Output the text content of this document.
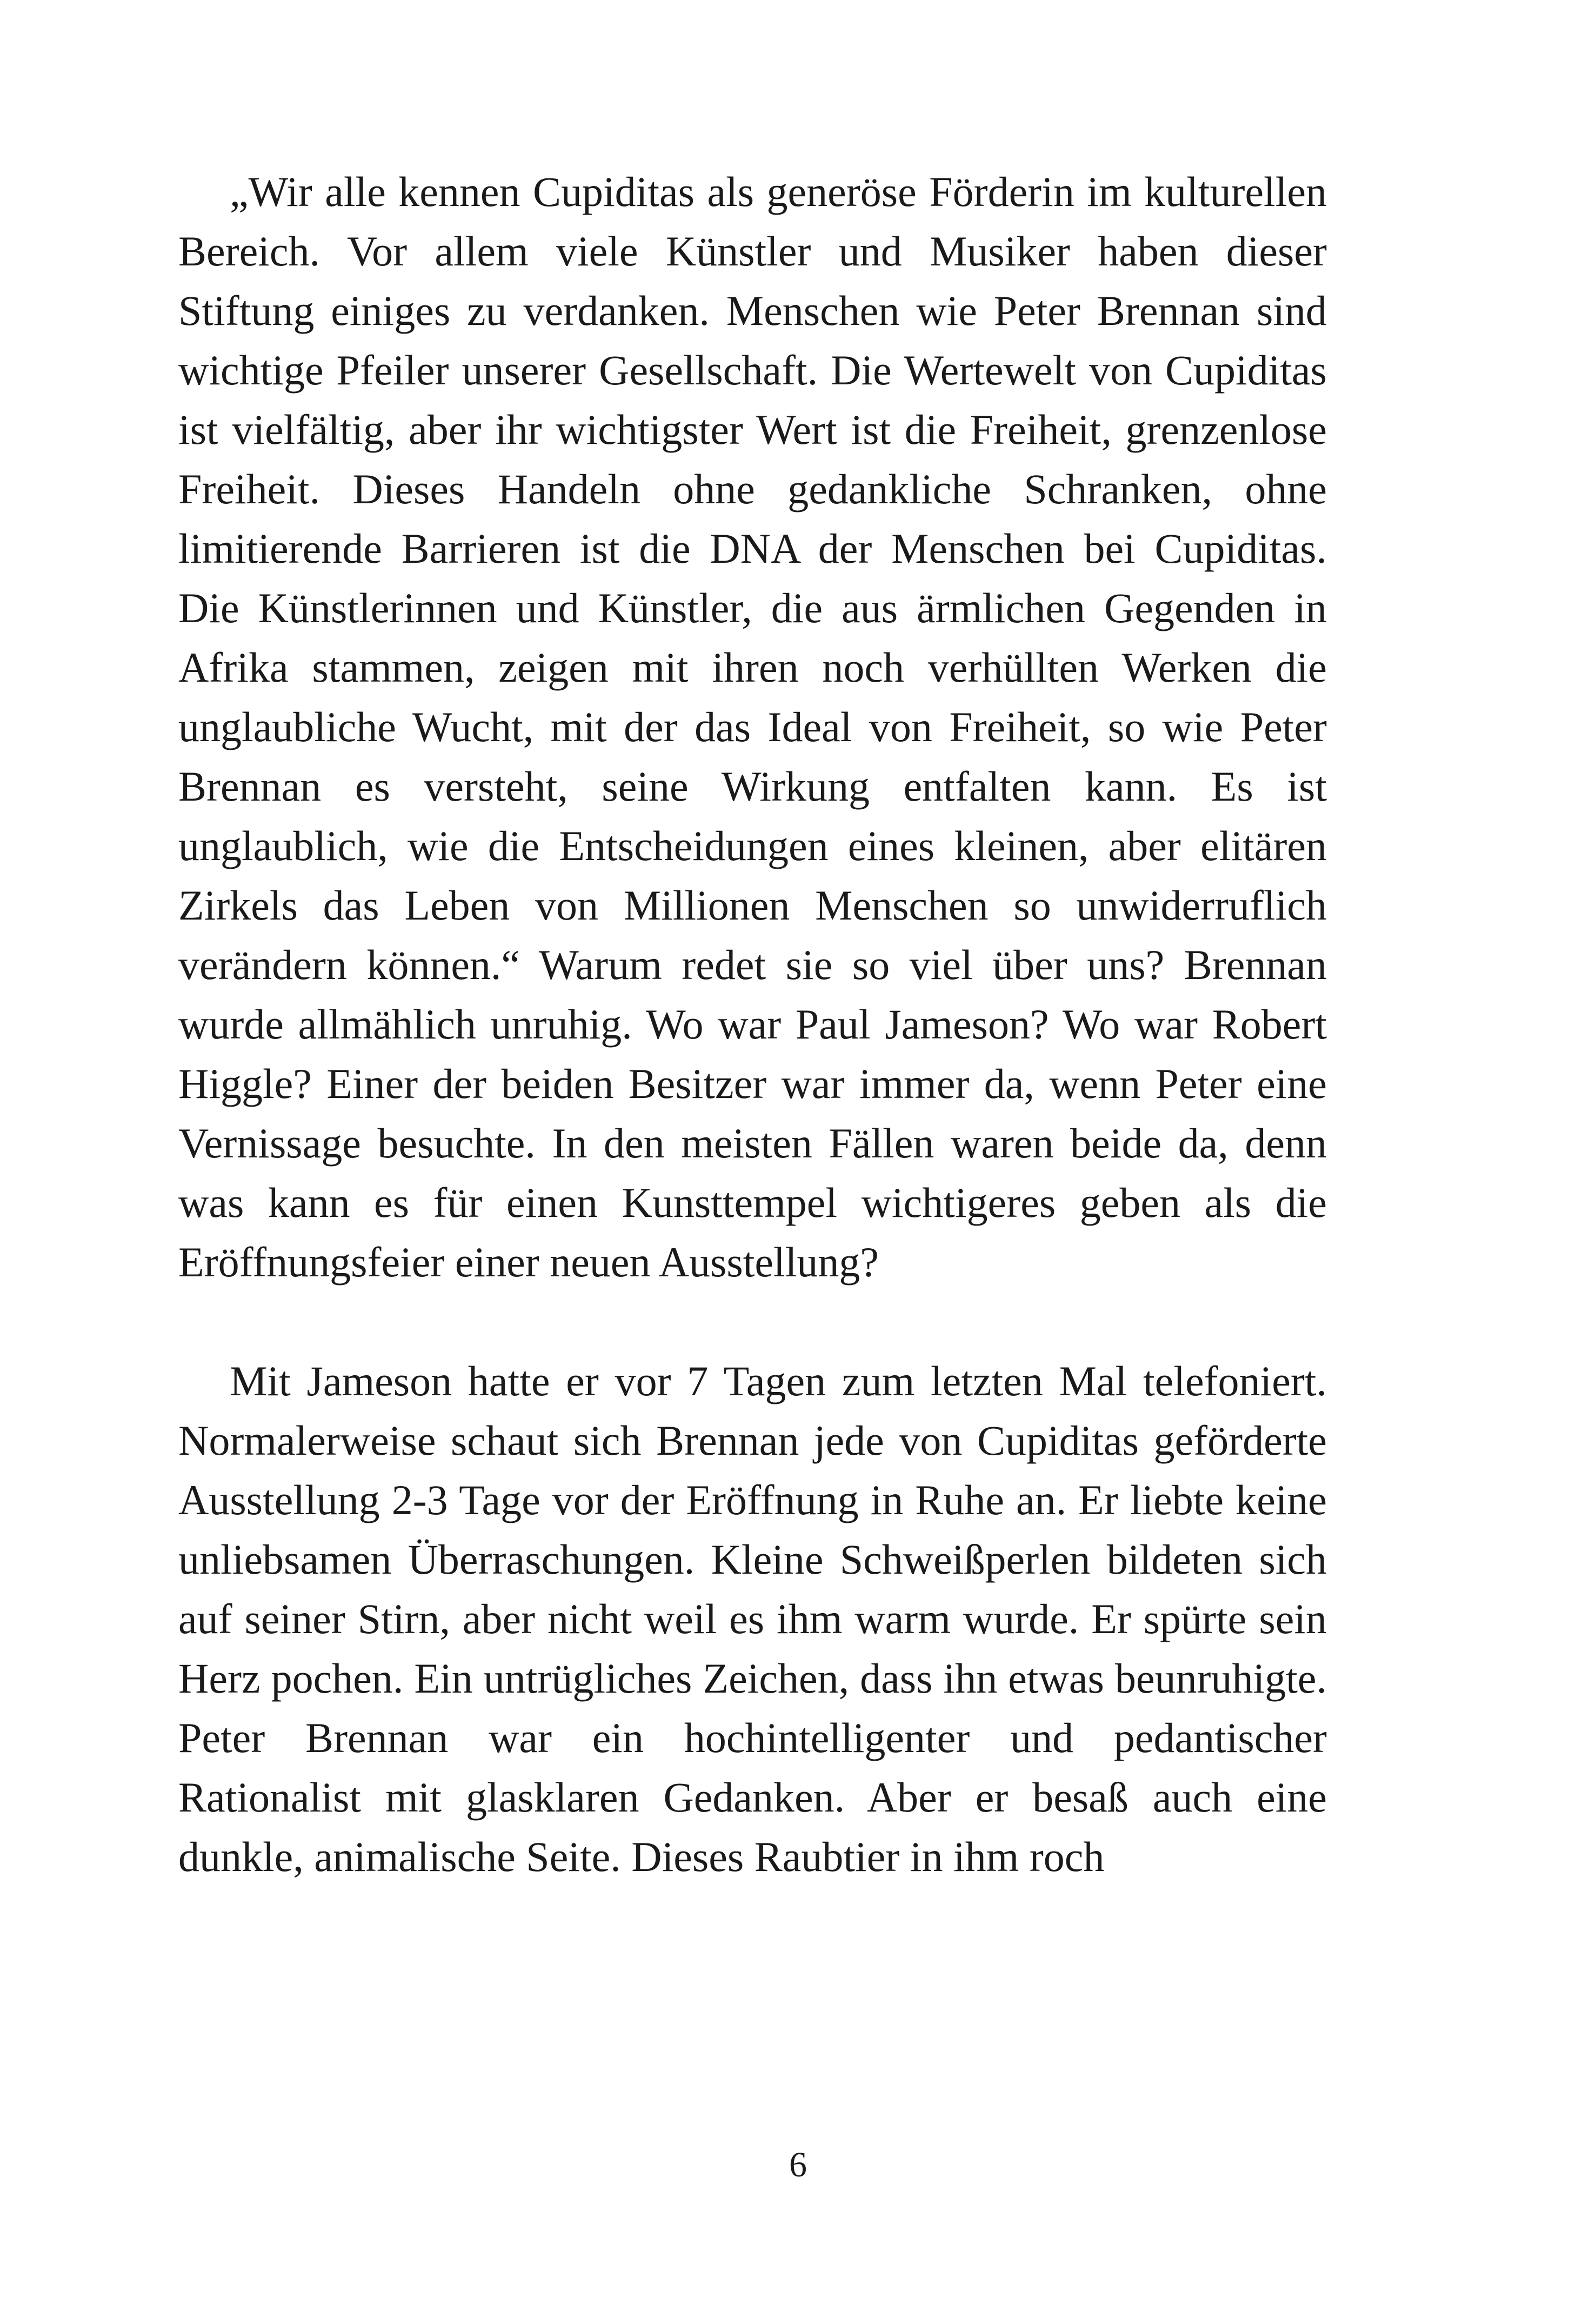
„Wir alle kennen Cupiditas als generöse Förderin im kulturellen Bereich. Vor allem viele Künstler und Musiker haben dieser Stiftung einiges zu verdanken. Menschen wie Peter Brennan sind wichtige Pfeiler unserer Gesellschaft. Die Wertewelt von Cupiditas ist vielfältig, aber ihr wichtigster Wert ist die Freiheit, grenzenlose Freiheit. Dieses Handeln ohne gedankliche Schranken, ohne limitierende Barrieren ist die DNA der Menschen bei Cupiditas. Die Künstlerinnen und Künstler, die aus ärmlichen Gegenden in Afrika stammen, zeigen mit ihren noch verhüllten Werken die unglaubliche Wucht, mit der das Ideal von Freiheit, so wie Peter Brennan es versteht, seine Wirkung entfalten kann. Es ist unglaublich, wie die Entscheidungen eines kleinen, aber elitären Zirkels das Leben von Millionen Menschen so unwiderruflich verändern können.“ Warum redet sie so viel über uns? Brennan wurde allmählich unruhig. Wo war Paul Jameson? Wo war Robert Higgle? Einer der beiden Besitzer war immer da, wenn Peter eine Vernissage besuchte. In den meisten Fällen waren beide da, denn was kann es für einen Kunsttempel wichtigeres geben als die Eröffnungsfeier einer neuen Ausstellung?

Mit Jameson hatte er vor 7 Tagen zum letzten Mal telefoniert. Normalerweise schaut sich Brennan jede von Cupiditas geförderte Ausstellung 2-3 Tage vor der Eröffnung in Ruhe an. Er liebte keine unliebsamen Überraschungen. Kleine Schweißperlen bildeten sich auf seiner Stirn, aber nicht weil es ihm warm wurde. Er spürte sein Herz pochen. Ein untrügliches Zeichen, dass ihn etwas beunruhigte. Peter Brennan war ein hochintelligenter und pedantischer Rationalist mit glasklaren Gedanken. Aber er besaß auch eine dunkle, animalische Seite. Dieses Raubtier in ihm roch

6
